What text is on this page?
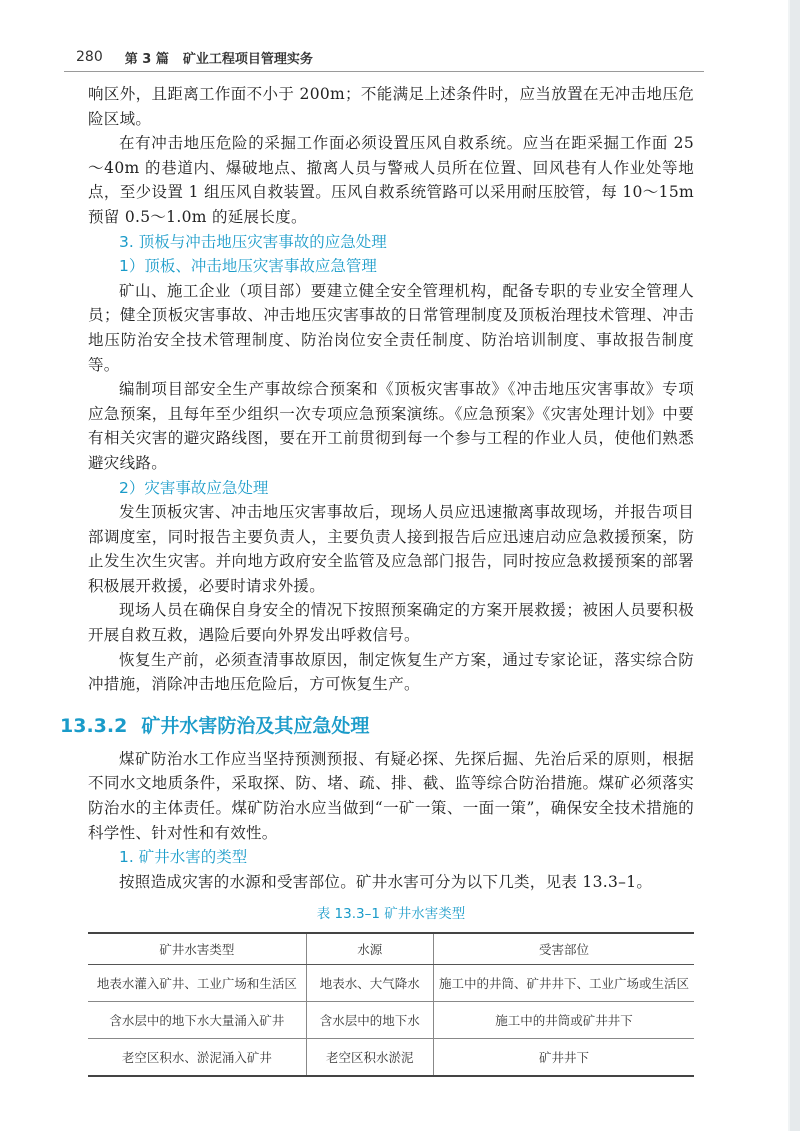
280 第 3 篇 矿业工程项目管理实务

响区外，且距离工作面不小于 200m；不能满足上述条件时，应当放置在无冲击地压危险区域。

在有冲击地压危险的采掘工作面必须设置压风自救系统。应当在距采掘工作面 25～40m 的巷道内、爆破地点、撤离人员与警戒人员所在位置、回风巷有人作业处等地点，至少设置 1 组压风自救装置。压风自救系统管路可以采用耐压胶管，每 10～15m 预留 0.5～1.0m 的延展长度。

3. 顶板与冲击地压灾害事故的应急处理
1）顶板、冲击地压灾害事故应急管理

矿山、施工企业（项目部）要建立健全安全管理机构，配备专职的专业安全管理人员；健全顶板灾害事故、冲击地压灾害事故的日常管理制度及顶板治理技术管理、冲击地压防治安全技术管理制度、防治岗位安全责任制度、防治培训制度、事故报告制度等。

编制项目部安全生产事故综合预案和《顶板灾害事故》《冲击地压灾害事故》专项应急预案，且每年至少组织一次专项应急预案演练。《应急预案》《灾害处理计划》中要有相关灾害的避灾路线图，要在开工前贯彻到每一个参与工程的作业人员，使他们熟悉避灾线路。

2）灾害事故应急处理

发生顶板灾害、冲击地压灾害事故后，现场人员应迅速撤离事故现场，并报告项目部调度室，同时报告主要负责人，主要负责人接到报告后应迅速启动应急救援预案，防止发生次生灾害。并向地方政府安全监管及应急部门报告，同时按应急救援预案的部署积极展开救援，必要时请求外援。

现场人员在确保自身安全的情况下按照预案确定的方案开展救援；被困人员要积极开展自救互救，遇险后要向外界发出呼救信号。

恢复生产前，必须查清事故原因，制定恢复生产方案，通过专家论证，落实综合防冲措施，消除冲击地压危险后，方可恢复生产。

13.3.2 矿井水害防治及其应急处理

煤矿防治水工作应当坚持预测预报、有疑必探、先探后掘、先治后采的原则，根据不同水文地质条件，采取探、防、堵、疏、排、截、监等综合防治措施。煤矿必须落实防治水的主体责任。煤矿防治水应当做到“一矿一策、一面一策”，确保安全技术措施的科学性、针对性和有效性。

1. 矿井水害的类型

按照造成灾害的水源和受害部位。矿井水害可分为以下几类，见表 13.3–1。

表 13.3–1 矿井水害类型
矿井水害类型	水源	受害部位
地表水灌入矿井、工业广场和生活区	地表水、大气降水	施工中的井筒、矿井井下、工业广场或生活区
含水层中的地下水大量涌入矿井	含水层中的地下水	施工中的井筒或矿井井下
老空区积水、淤泥涌入矿井	老空区积水淤泥	矿井井下
